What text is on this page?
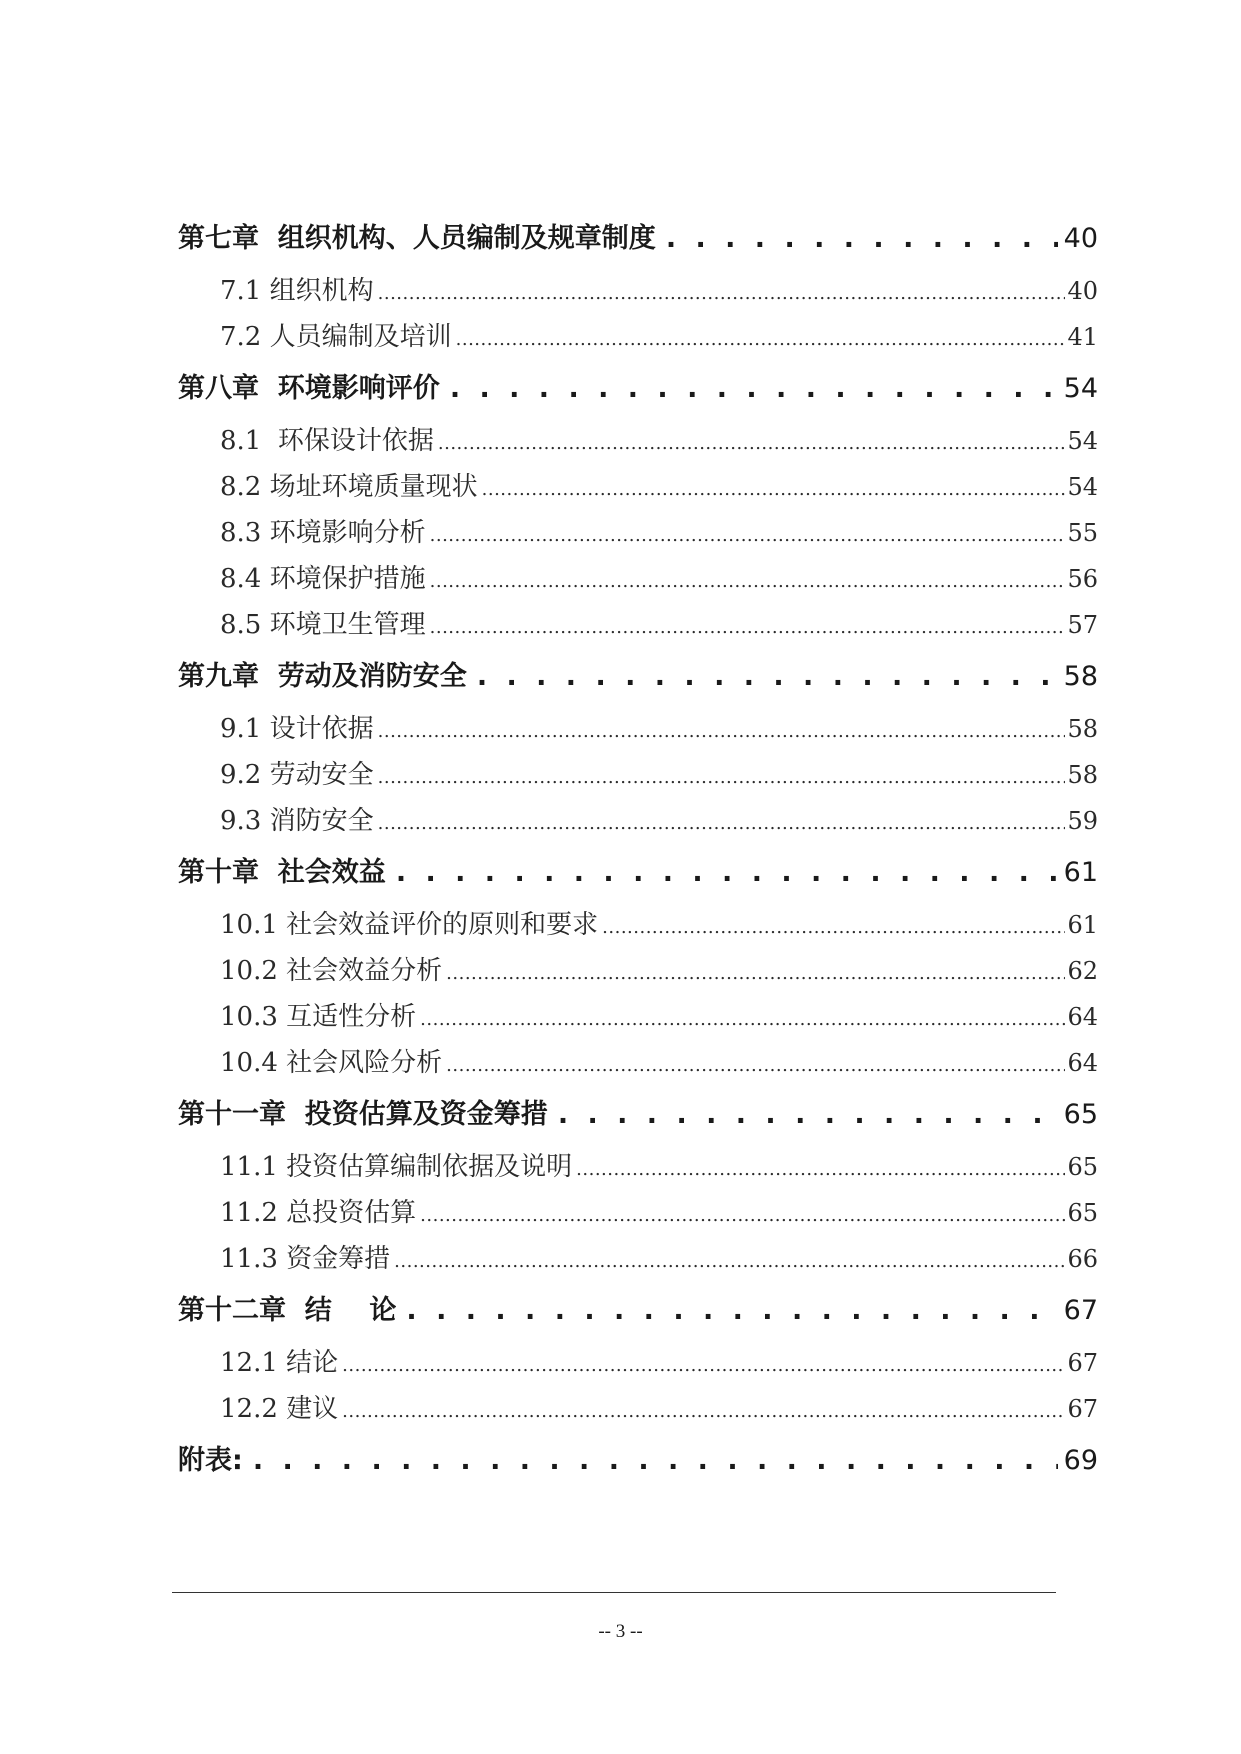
第七章  组织机构、人员编制及规章制度 . . .	40
7.1 组织机构 .....	40
7.2 人员编制及培训 .....	41
第八章  环境影响评价 . . .	54
8.1  环保设计依据 .....	54
8.2 场址环境质量现状 .....	54
8.3 环境影响分析 .....	55
8.4 环境保护措施 .....	56
8.5 环境卫生管理 .....	57
第九章  劳动及消防安全 . . .	58
9.1 设计依据 .....	58
9.2 劳动安全 .....	58
9.3 消防安全 .....	59
第十章  社会效益 . . .	61
10.1 社会效益评价的原则和要求 .....	61
10.2 社会效益分析 .....	62
10.3 互适性分析 .....	64
10.4 社会风险分析 .....	64
第十一章  投资估算及资金筹措 . . .	65
11.1 投资估算编制依据及说明 .....	65
11.2 总投资估算 .....	65
11.3 资金筹措 .....	66
第十二章  结    论 . . .	67
12.1 结论 .....	67
12.2 建议 .....	67
附表: . . .	69
-- 3 --
